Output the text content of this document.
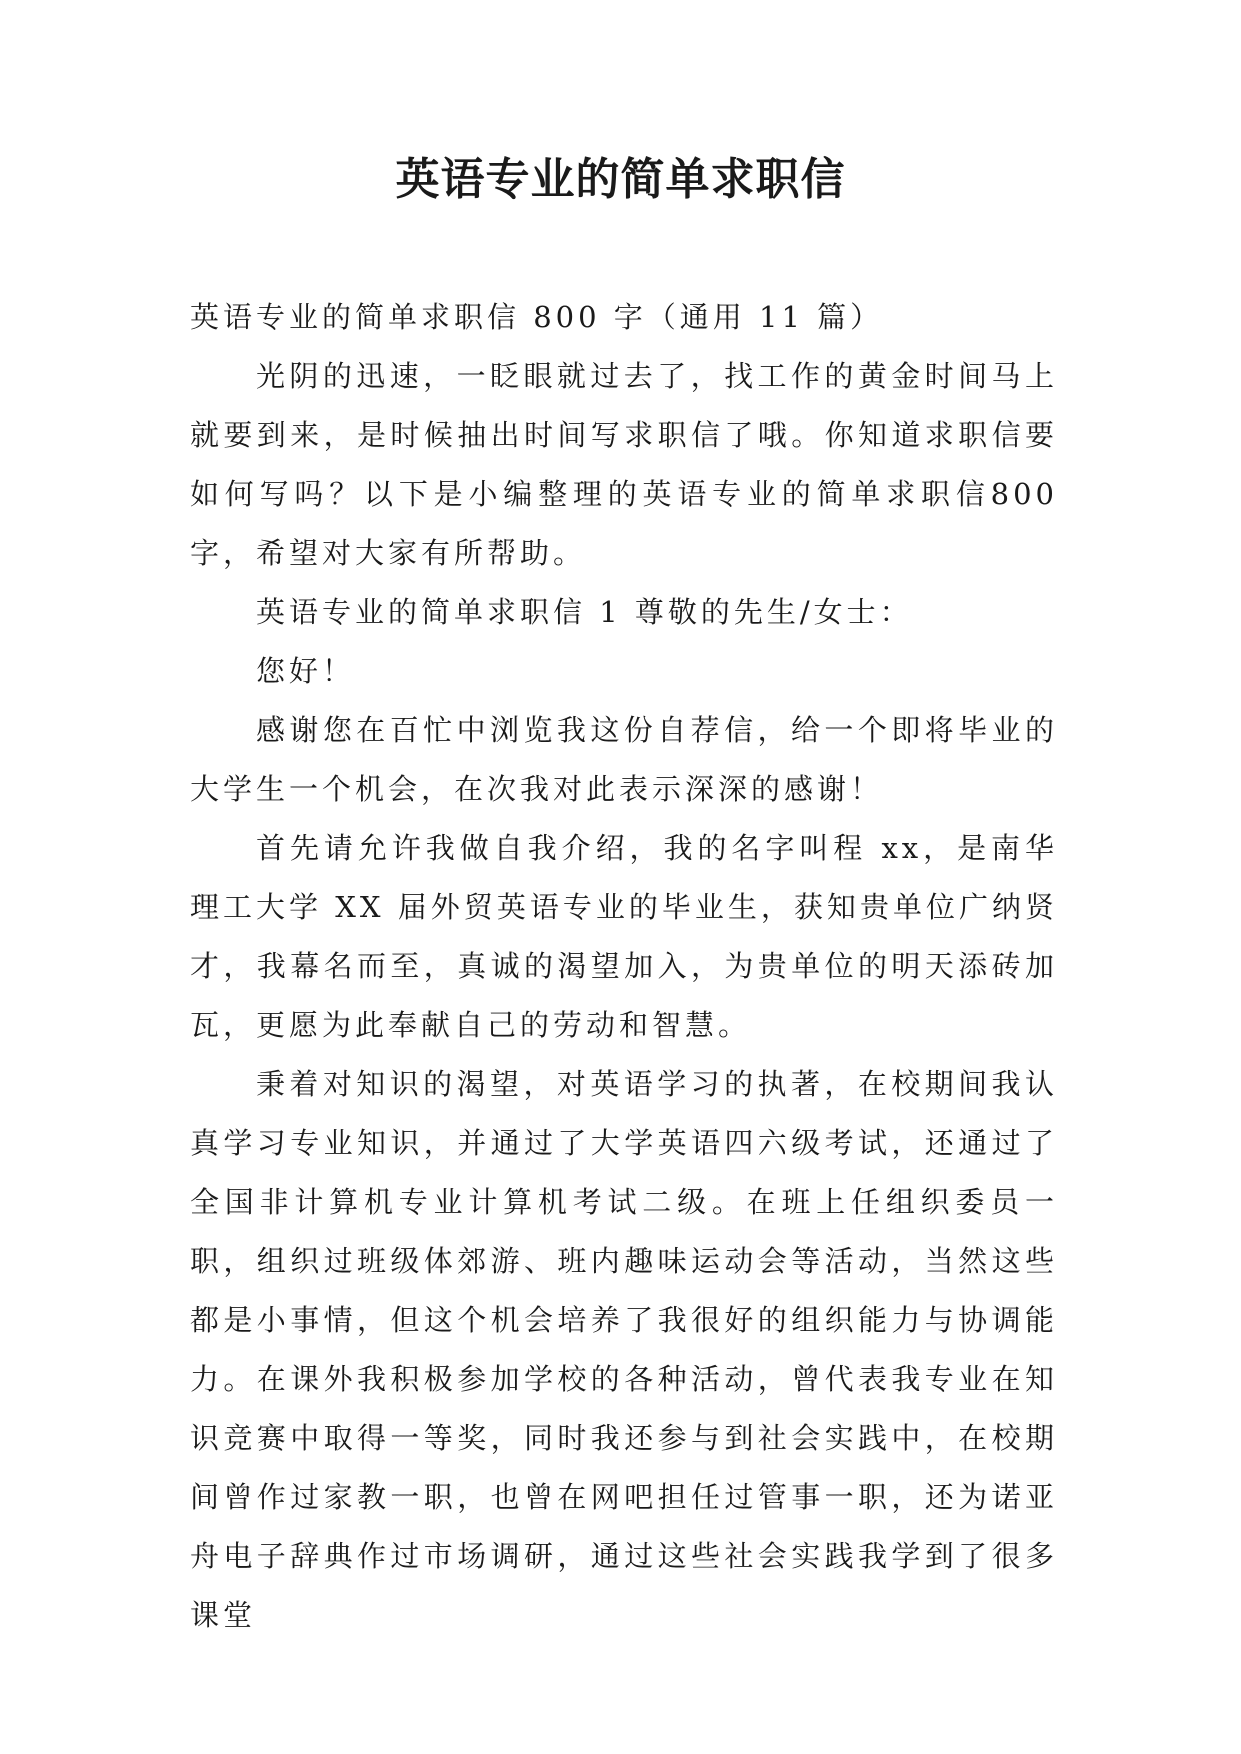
英语专业的简单求职信

英语专业的简单求职信 800 字（通用 11 篇）

光阴的迅速，一眨眼就过去了，找工作的黄金时间马上就要到来，是时候抽出时间写求职信了哦。你知道求职信要如何写吗？以下是小编整理的英语专业的简单求职信800字，希望对大家有所帮助。

英语专业的简单求职信 1 尊敬的先生/女士：

您好！

感谢您在百忙中浏览我这份自荐信，给一个即将毕业的大学生一个机会，在次我对此表示深深的感谢！

首先请允许我做自我介绍，我的名字叫程 xx，是南华理工大学 XX 届外贸英语专业的毕业生，获知贵单位广纳贤才，我幕名而至，真诚的渴望加入，为贵单位的明天添砖加瓦，更愿为此奉献自己的劳动和智慧。

秉着对知识的渴望，对英语学习的执著，在校期间我认真学习专业知识，并通过了大学英语四六级考试，还通过了全国非计算机专业计算机考试二级。在班上任组织委员一职，组织过班级体郊游、班内趣味运动会等活动，当然这些都是小事情，但这个机会培养了我很好的组织能力与协调能力。在课外我积极参加学校的各种活动，曾代表我专业在知识竞赛中取得一等奖，同时我还参与到社会实践中，在校期间曾作过家教一职，也曾在网吧担任过管事一职，还为诺亚舟电子辞典作过市场调研，通过这些社会实践我学到了很多课堂
